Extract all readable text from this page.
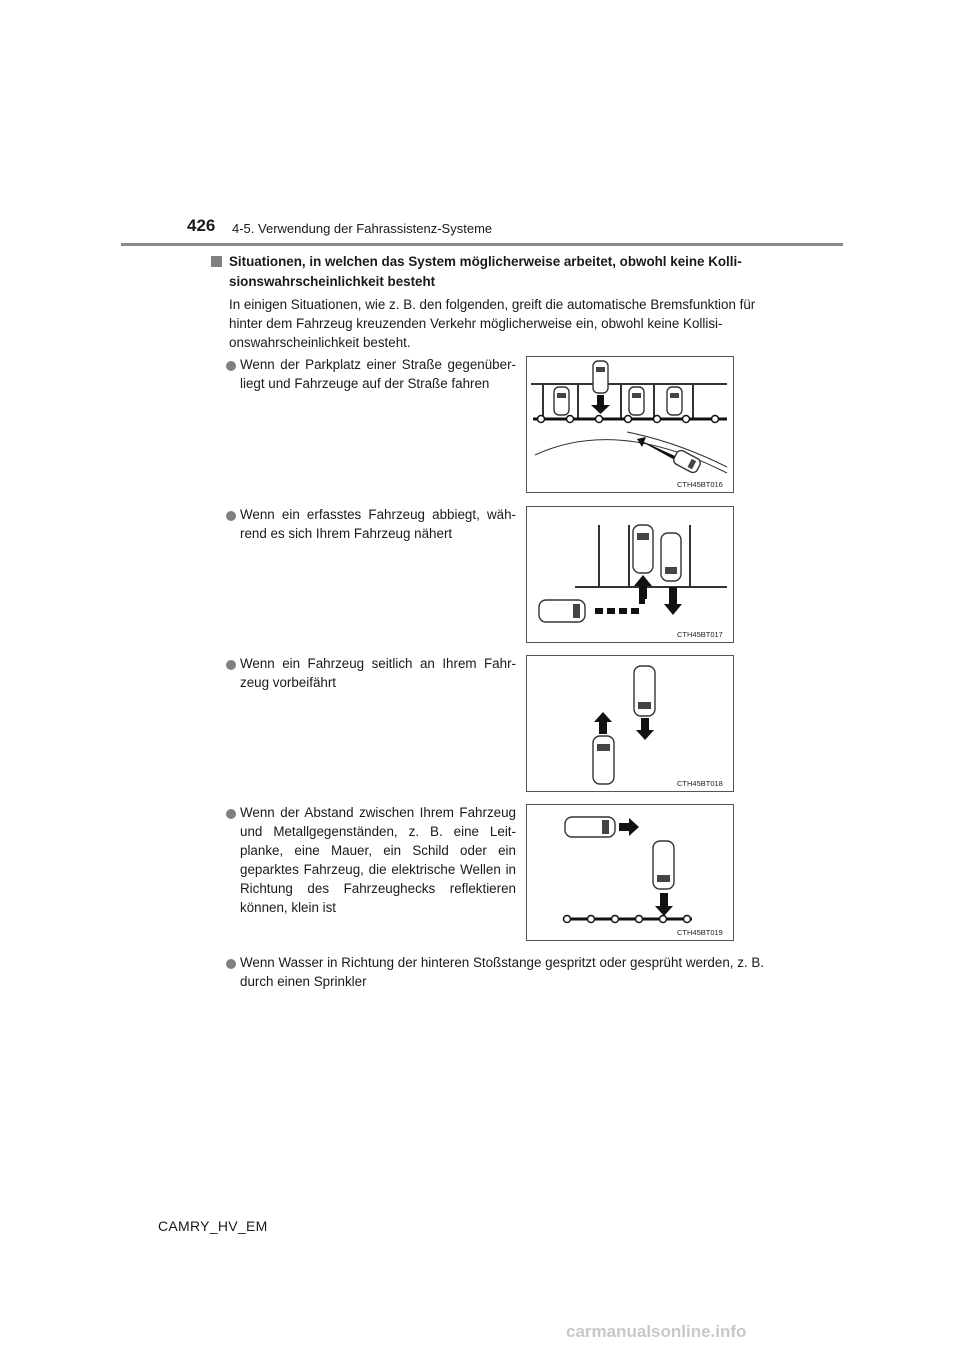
426 4-5. Verwendung der Fahrassistenz-Systeme
Situationen, in welchen das System möglicherweise arbeitet, obwohl keine Kolli-sionswahrscheinlichkeit besteht
In einigen Situationen, wie z. B. den folgenden, greift die automatische Bremsfunktion für hinter dem Fahrzeug kreuzenden Verkehr möglicherweise ein, obwohl keine Kollisi-onswahrscheinlichkeit besteht.
Wenn der Parkplatz einer Straße gegenüber-liegt und Fahrzeuge auf der Straße fahren
CTH45BT016
Wenn ein erfasstes Fahrzeug abbiegt, wäh-rend es sich Ihrem Fahrzeug nähert
CTH45BT017
Wenn ein Fahrzeug seitlich an Ihrem Fahr-zeug vorbeifährt
CTH45BT018
Wenn der Abstand zwischen Ihrem Fahrzeug und Metallgegenständen, z. B. eine Leit-planke, eine Mauer, ein Schild oder ein geparktes Fahrzeug, die elektrische Wellen in Richtung des Fahrzeughecks reflektieren können, klein ist
CTH45BT019
Wenn Wasser in Richtung der hinteren Stoßstange gespritzt oder gesprüht werden, z. B. durch einen Sprinkler
CAMRY_HV_EM
carmanualsonline.info
